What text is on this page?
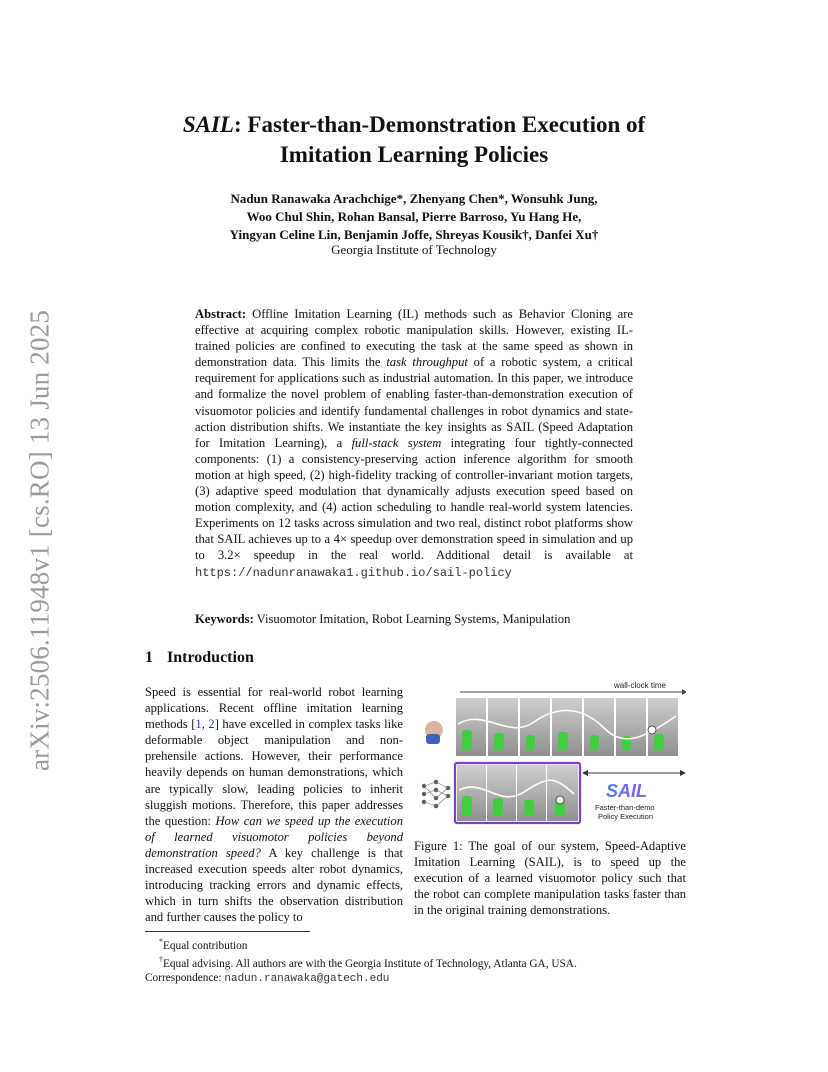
arXiv:2506.11948v1 [cs.RO] 13 Jun 2025
SAIL: Faster-than-Demonstration Execution of
Imitation Learning Policies
Nadun Ranawaka Arachchige*, Zhenyang Chen*, Wonsuhk Jung,
Woo Chul Shin, Rohan Bansal, Pierre Barroso, Yu Hang He,
Yingyan Celine Lin, Benjamin Joffe, Shreyas Kousik†, Danfei Xu†
Georgia Institute of Technology
Abstract: Offline Imitation Learning (IL) methods such as Behavior Cloning are effective at acquiring complex robotic manipulation skills. However, existing IL-trained policies are confined to executing the task at the same speed as shown in demonstration data. This limits the task throughput of a robotic system, a critical requirement for applications such as industrial automation. In this paper, we introduce and formalize the novel problem of enabling faster-than-demonstration execution of visuomotor policies and identify fundamental challenges in robot dynamics and state-action distribution shifts. We instantiate the key insights as SAIL (Speed Adaptation for Imitation Learning), a full-stack system integrating four tightly-connected components: (1) a consistency-preserving action inference algorithm for smooth motion at high speed, (2) high-fidelity tracking of controller-invariant motion targets, (3) adaptive speed modulation that dynamically adjusts execution speed based on motion complexity, and (4) action scheduling to handle real-world system latencies. Experiments on 12 tasks across simulation and two real, distinct robot platforms show that SAIL achieves up to a 4× speedup over demonstration speed in simulation and up to 3.2× speedup in the real world. Additional detail is available at https://nadunranawaka1.github.io/sail-policy
Keywords: Visuomotor Imitation, Robot Learning Systems, Manipulation
1 Introduction
Speed is essential for real-world robot learning applications. Recent offline imitation learning methods [1, 2] have excelled in complex tasks like deformable object manipulation and non-prehensile actions. However, their performance heavily depends on human demonstrations, which are typically slow, leading policies to inherit sluggish motions. Therefore, this paper addresses the question: How can we speed up the execution of learned visuomotor policies beyond demonstration speed? A key challenge is that increased execution speeds alter robot dynamics, introducing tracking errors and dynamic effects, which in turn shifts the observation distribution and further causes the policy to
wall-clock time
SAIL
Faster-than-demo
Policy Execution
Figure 1: The goal of our system, Speed-Adaptive Imitation Learning (SAIL), is to speed up the execution of a learned visuomotor policy such that the robot can complete manipulation tasks faster than in the original training demonstrations.
*Equal contribution
†Equal advising. All authors are with the Georgia Institute of Technology, Atlanta GA, USA.
Correspondence: nadun.ranawaka@gatech.edu
